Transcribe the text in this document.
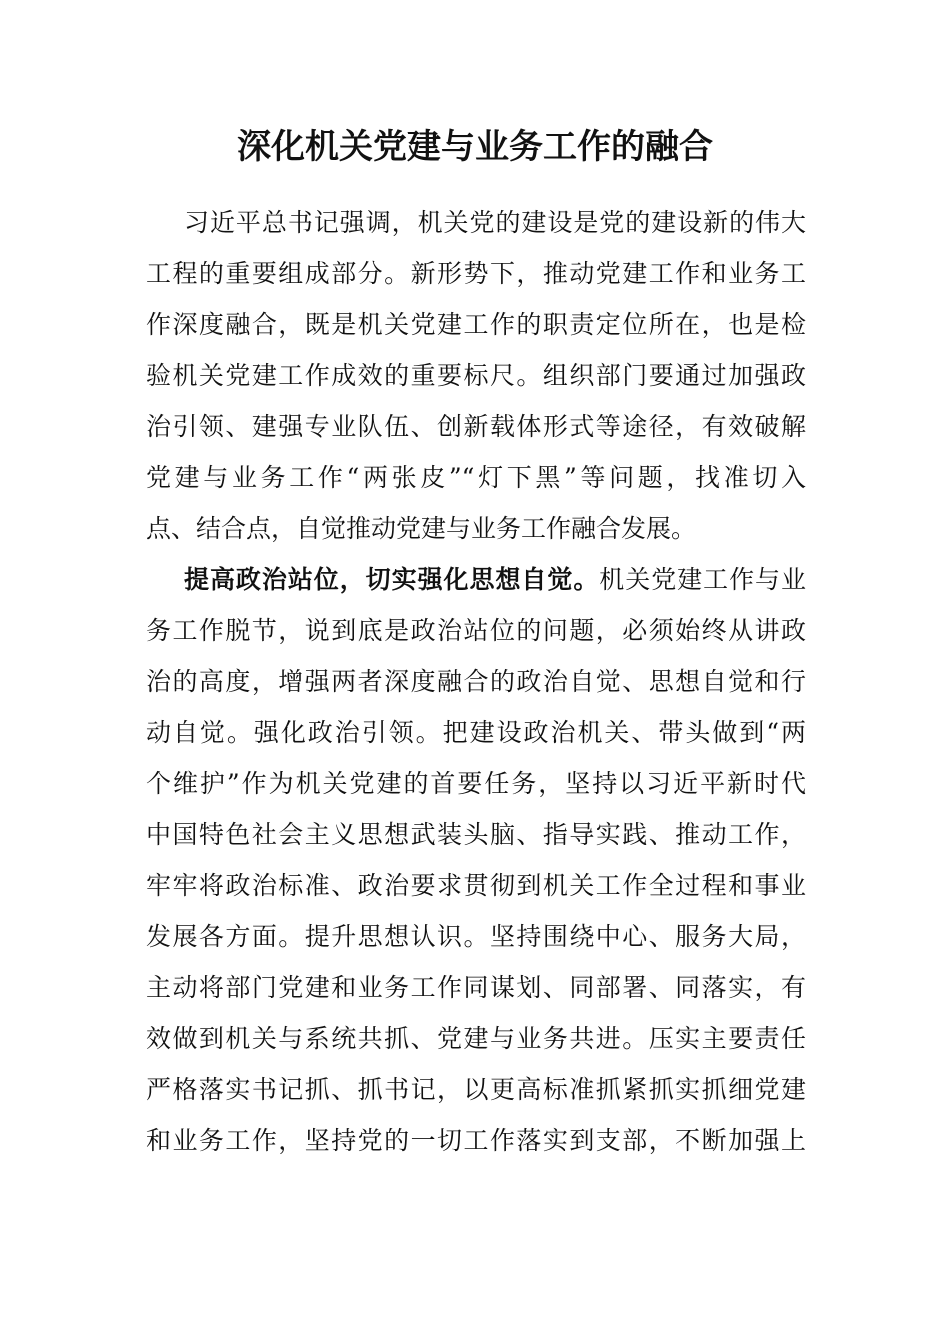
深化机关党建与业务工作的融合

习近平总书记强调，机关党的建设是党的建设新的伟大

工程的重要组成部分。新形势下，推动党建工作和业务工

作深度融合，既是机关党建工作的职责定位所在，也是检

验机关党建工作成效的重要标尺。组织部门要通过加强政

治引领、建强专业队伍、创新载体形式等途径，有效破解

党建与业务工作“两张皮”“灯下黑”等问题，找准切入

点、结合点，自觉推动党建与业务工作融合发展。

提高政治站位，切实强化思想自觉。机关党建工作与业

务工作脱节，说到底是政治站位的问题，必须始终从讲政

治的高度，增强两者深度融合的政治自觉、思想自觉和行

动自觉。强化政治引领。把建设政治机关、带头做到“两

个维护”作为机关党建的首要任务，坚持以习近平新时代

中国特色社会主义思想武装头脑、指导实践、推动工作，

牢牢将政治标准、政治要求贯彻到机关工作全过程和事业

发展各方面。提升思想认识。坚持围绕中心、服务大局，

主动将部门党建和业务工作同谋划、同部署、同落实，有

效做到机关与系统共抓、党建与业务共进。压实主要责任

严格落实书记抓、抓书记，以更高标准抓紧抓实抓细党建

和业务工作，坚持党的一切工作落实到支部，不断加强上
